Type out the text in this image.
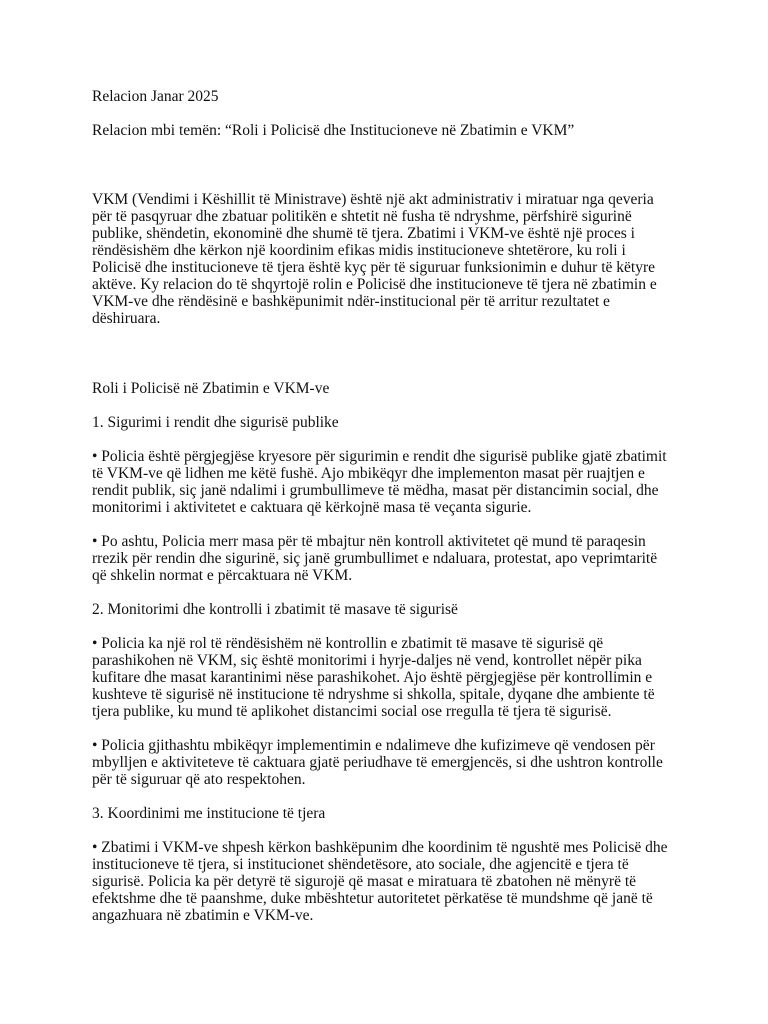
Relacion Janar 2025

Relacion mbi temën: “Roli i Policisë dhe Institucioneve në Zbatimin e VKM”

VKM (Vendimi i Këshillit të Ministrave) është një akt administrativ i miratuar nga qeveria
për të pasqyruar dhe zbatuar politikën e shtetit në fusha të ndryshme, përfshirë sigurinë
publike, shëndetin, ekonominë dhe shumë të tjera. Zbatimi i VKM-ve është një proces i
rëndësishëm dhe kërkon një koordinim efikas midis institucioneve shtetërore, ku roli i
Policisë dhe institucioneve të tjera është kyç për të siguruar funksionimin e duhur të këtyre
aktëve. Ky relacion do të shqyrtojë rolin e Policisë dhe institucioneve të tjera në zbatimin e
VKM-ve dhe rëndësinë e bashkëpunimit ndër-institucional për të arritur rezultatet e
dëshiruara.

Roli i Policisë në Zbatimin e VKM-ve

1. Sigurimi i rendit dhe sigurisë publike

• Policia është përgjegjëse kryesore për sigurimin e rendit dhe sigurisë publike gjatë zbatimit
të VKM-ve që lidhen me këtë fushë. Ajo mbikëqyr dhe implementon masat për ruajtjen e
rendit publik, siç janë ndalimi i grumbullimeve të mëdha, masat për distancimin social, dhe
monitorimi i aktivitetet e caktuara që kërkojnë masa të veçanta sigurie.
• Po ashtu, Policia merr masa për të mbajtur nën kontroll aktivitetet që mund të paraqesin
rrezik për rendin dhe sigurinë, siç janë grumbullimet e ndaluara, protestat, apo veprimtaritë
që shkelin normat e përcaktuara në VKM.

2. Monitorimi dhe kontrolli i zbatimit të masave të sigurisë

• Policia ka një rol të rëndësishëm në kontrollin e zbatimit të masave të sigurisë që
parashikohen në VKM, siç është monitorimi i hyrje-daljes në vend, kontrollet nëpër pika
kufitare dhe masat karantinimi nëse parashikohet. Ajo është përgjegjëse për kontrollimin e
kushteve të sigurisë në institucione të ndryshme si shkolla, spitale, dyqane dhe ambiente të
tjera publike, ku mund të aplikohet distancimi social ose rregulla të tjera të sigurisë.
• Policia gjithashtu mbikëqyr implementimin e ndalimeve dhe kufizimeve që vendosen për
mbylljen e aktiviteteve të caktuara gjatë periudhave të emergjencës, si dhe ushtron kontrolle
për të siguruar që ato respektohen.

3. Koordinimi me institucione të tjera

• Zbatimi i VKM-ve shpesh kërkon bashkëpunim dhe koordinim të ngushtë mes Policisë dhe
institucioneve të tjera, si institucionet shëndetësore, ato sociale, dhe agjencitë e tjera të
sigurisë. Policia ka për detyrë të sigurojë që masat e miratuara të zbatohen në mënyrë të
efektshme dhe të paanshme, duke mbështetur autoritetet përkatëse të mundshme që janë të
angazhuara në zbatimin e VKM-ve.
